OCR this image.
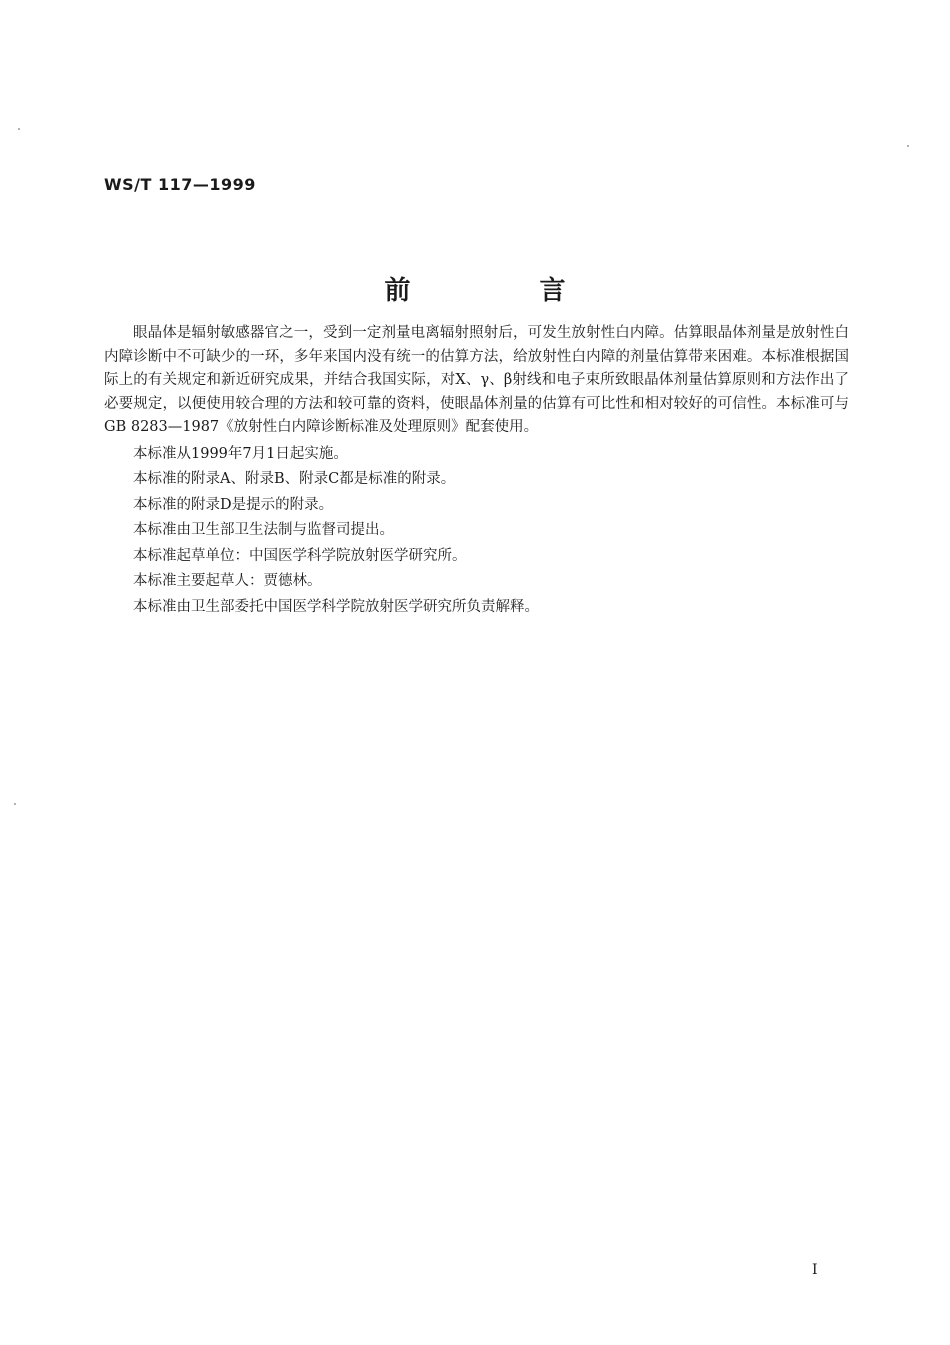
WS/T 117—1999
前 言

眼晶体是辐射敏感器官之一，受到一定剂量电离辐射照射后，可发生放射性白内障。估算眼晶体剂量是放射性白内障诊断中不可缺少的一环，多年来国内没有统一的估算方法，给放射性白内障的剂量估算带来困难。本标准根据国际上的有关规定和新近研究成果，并结合我国实际，对X、γ、β射线和电子束所致眼晶体剂量估算原则和方法作出了必要规定，以便使用较合理的方法和较可靠的资料，使眼晶体剂量的估算有可比性和相对较好的可信性。本标准可与GB 8283—1987《放射性白内障诊断标准及处理原则》配套使用。

本标准从1999年7月1日起实施。

本标准的附录A、附录B、附录C都是标准的附录。

本标准的附录D是提示的附录。

本标准由卫生部卫生法制与监督司提出。

本标准起草单位：中国医学科学院放射医学研究所。

本标准主要起草人：贾德林。

本标准由卫生部委托中国医学科学院放射医学研究所负责解释。

I
